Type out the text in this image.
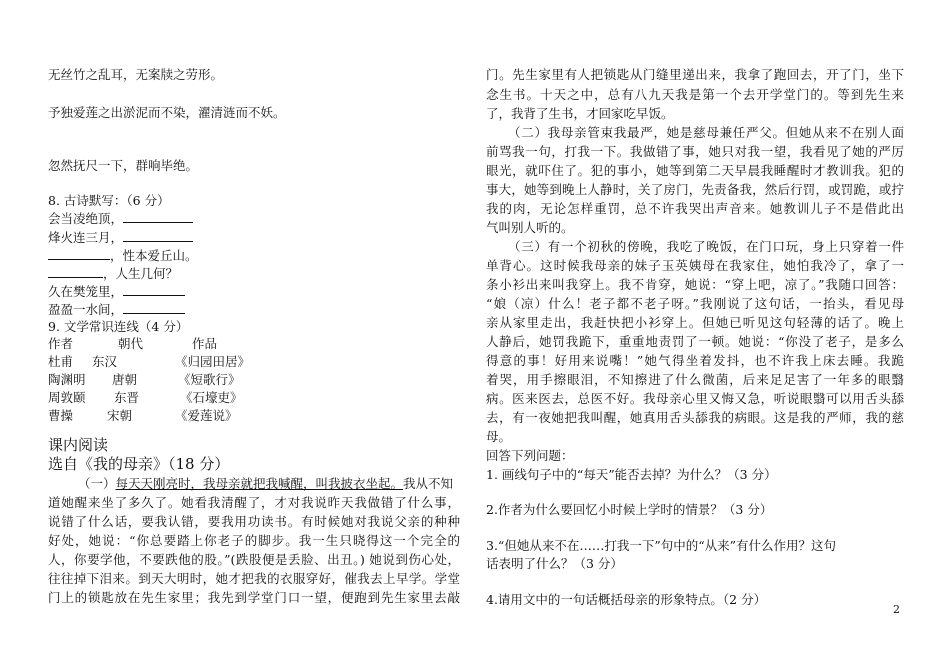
无丝竹之乱耳，无案牍之劳形。
予独爱莲之出淤泥而不染，濯清涟而不妖。
忽然抚尺一下，群响毕绝。
8. 古诗默写：（6 分）
会当凌绝顶，
烽火连三月，
，性本爱丘山。
，人生几何？
久在樊笼里，
盈盈一水间，
9. 文学常识连线（4 分）
作者	朝代	作品
杜甫 东汉	《归园田居》
陶渊明 唐朝	《短歌行》
周敦颐 东晋	《石壕吏》
曹操	宋朝	《爱莲说》
课内阅读
选自《我的母亲》（18 分）
（一）每天天刚亮时，我母亲就把我喊醒，叫我披衣坐起。我从不知
道她醒来坐了多久了。她看我清醒了，才对我说昨天我做错了什么事，
说错了什么话，要我认错，要我用功读书。有时候她对我说父亲的种种
好处，她说：“你总要踏上你老子的脚步。我一生只晓得这一个完全的
人，你要学他，不要跌他的股。”(跌股便是丢脸、出丑。) 她说到伤心处，
往往掉下泪来。到天大明时，她才把我的衣服穿好，催我去上早学。学堂
门上的锁匙放在先生家里；我先到学堂门口一望，便跑到先生家里去敲
门。先生家里有人把锁匙从门缝里递出来，我拿了跑回去，开了门，坐下
念生书。十天之中，总有八九天我是第一个去开学堂门的。等到先生来
了，我背了生书，才回家吃早饭。
（二）我母亲管束我最严，她是慈母兼任严父。但她从来不在别人面
前骂我一句，打我一下。我做错了事，她只对我一望，我看见了她的严厉
眼光，就吓住了。犯的事小，她等到第二天早晨我睡醒时才教训我。犯的
事大，她等到晚上人静时，关了房门，先责备我，然后行罚，或罚跪，或拧
我的肉，无论怎样重罚，总不许我哭出声音来。她教训儿子不是借此出
气叫别人听的。
（三）有一个初秋的傍晚，我吃了晚饭，在门口玩，身上只穿着一件
单背心。这时候我母亲的妹子玉英姨母在我家住，她怕我冷了，拿了一
条小衫出来叫我穿上。我不肯穿，她说：“穿上吧，凉了。”我随口回答：
“娘（凉）什么！老子都不老子呀。”我刚说了这句话，一抬头，看见母
亲从家里走出，我赶快把小衫穿上。但她已听见这句轻薄的话了。晚上
人静后，她罚我跪下，重重地责罚了一顿。她说：“你没了老子，是多么
得意的事！好用来说嘴！”她气得坐着发抖，也不许我上床去睡。我跪
着哭，用手擦眼泪，不知擦进了什么微菌，后来足足害了一年多的眼翳
病。医来医去，总医不好。我母亲心里又悔又急，听说眼翳可以用舌头舔
去，有一夜她把我叫醒，她真用舌头舔我的病眼。这是我的严师，我的慈
母。
回答下列问题：
1. 画线句子中的“每天”能否去掉？为什么？（3 分）
2.作者为什么要回忆小时候上学时的情景？（3 分）
3.“但她从来不在……打我一下”句中的“从来”有什么作用？这句
话表明了什么？（3 分）
4.请用文中的一句话概括母亲的形象特点。（2 分）
2
